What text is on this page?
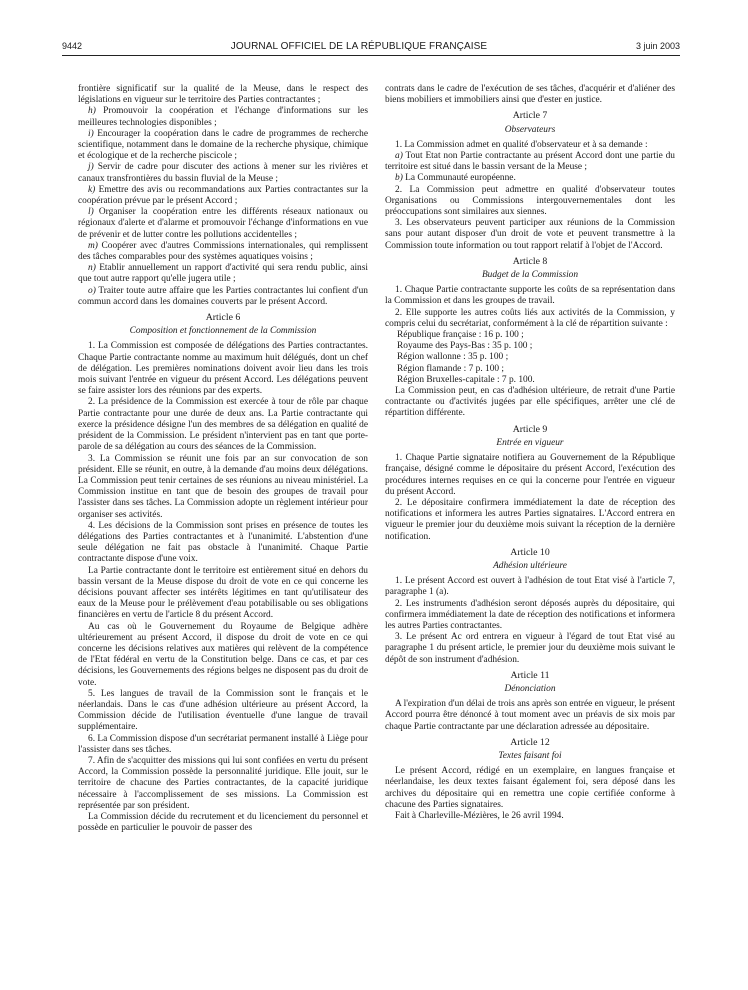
9442	JOURNAL OFFICIEL DE LA RÉPUBLIQUE FRANÇAISE	3 juin 2003

frontière significatif sur la qualité de la Meuse, dans le respect des législations en vigueur sur le territoire des Parties contractantes ;

h) Promouvoir la coopération et l'échange d'informations sur les meilleures technologies disponibles ;

i) Encourager la coopération dans le cadre de programmes de recherche scientifique, notamment dans le domaine de la recherche physique, chimique et écologique et de la recherche piscicole ;

j) Servir de cadre pour discuter des actions à mener sur les rivières et canaux transfrontières du bassin fluvial de la Meuse ;

k) Emettre des avis ou recommandations aux Parties contractantes sur la coopération prévue par le présent Accord ;

l) Organiser la coopération entre les différents réseaux nationaux ou régionaux d'alerte et d'alarme et promouvoir l'échange d'informations en vue de prévenir et de lutter contre les pollutions accidentelles ;

m) Coopérer avec d'autres Commissions internationales, qui remplissent des tâches comparables pour des systèmes aquatiques voisins ;

n) Etablir annuellement un rapport d'activité qui sera rendu public, ainsi que tout autre rapport qu'elle jugera utile ;

o) Traiter toute autre affaire que les Parties contractantes lui confient d'un commun accord dans les domaines couverts par le présent Accord.

Article 6

Composition et fonctionnement de la Commission

1. La Commission est composée de délégations des Parties contractantes. Chaque Partie contractante nomme au maximum huit délégués, dont un chef de délégation. Les premières nominations doivent avoir lieu dans les trois mois suivant l'entrée en vigueur du présent Accord. Les délégations peuvent se faire assister lors des réunions par des experts.

2. La présidence de la Commission est exercée à tour de rôle par chaque Partie contractante pour une durée de deux ans. La Partie contractante qui exerce la présidence désigne l'un des membres de sa délégation en qualité de président de la Commission. Le président n'intervient pas en tant que porte-parole de sa délégation au cours des séances de la Commission.

3. La Commission se réunit une fois par an sur convocation de son président. Elle se réunit, en outre, à la demande d'au moins deux délégations. La Commission peut tenir certaines de ses réunions au niveau ministériel. La Commission institue en tant que de besoin des groupes de travail pour l'assister dans ses tâches. La Commission adopte un règlement intérieur pour organiser ses activités.

4. Les décisions de la Commission sont prises en présence de toutes les délégations des Parties contractantes et à l'unanimité. L'abstention d'une seule délégation ne fait pas obstacle à l'unanimité. Chaque Partie contractante dispose d'une voix.

La Partie contractante dont le territoire est entièrement situé en dehors du bassin versant de la Meuse dispose du droit de vote en ce qui concerne les décisions pouvant affecter ses intérêts légitimes en tant qu'utilisateur des eaux de la Meuse pour le prélèvement d'eau potabilisable ou ses obligations financières en vertu de l'article 8 du présent Accord.

Au cas où le Gouvernement du Royaume de Belgique adhère ultérieurement au présent Accord, il dispose du droit de vote en ce qui concerne les décisions relatives aux matières qui relèvent de la compétence de l'Etat fédéral en vertu de la Constitution belge. Dans ce cas, et par ces décisions, les Gouvernements des régions belges ne disposent pas du droit de vote.

5. Les langues de travail de la Commission sont le français et le néerlandais. Dans le cas d'une adhésion ultérieure au présent Accord, la Commission décide de l'utilisation éventuelle d'une langue de travail supplémentaire.

6. La Commission dispose d'un secrétariat permanent installé à Liège pour l'assister dans ses tâches.

7. Afin de s'acquitter des missions qui lui sont confiées en vertu du présent Accord, la Commission possède la personnalité juridique. Elle jouit, sur le territoire de chacune des Parties contractantes, de la capacité juridique nécessaire à l'accomplissement de ses missions. La Commission est représentée par son président.

La Commission décide du recrutement et du licenciement du personnel et possède en particulier le pouvoir de passer des

contrats dans le cadre de l'exécution de ses tâches, d'acquérir et d'aliéner des biens mobiliers et immobiliers ainsi que d'ester en justice.

Article 7

Observateurs

1. La Commission admet en qualité d'observateur et à sa demande :

a) Tout Etat non Partie contractante au présent Accord dont une partie du territoire est situé dans le bassin versant de la Meuse ;

b) La Communauté européenne.

2. La Commission peut admettre en qualité d'observateur toutes Organisations ou Commissions intergouvernementales dont les préoccupations sont similaires aux siennes.

3. Les observateurs peuvent participer aux réunions de la Commission sans pour autant disposer d'un droit de vote et peuvent transmettre à la Commission toute information ou tout rapport relatif à l'objet de l'Accord.

Article 8

Budget de la Commission

1. Chaque Partie contractante supporte les coûts de sa représentation dans la Commission et dans les groupes de travail.

2. Elle supporte les autres coûts liés aux activités de la Commission, y compris celui du secrétariat, conformément à la clé de répartition suivante :

République française : 16 p. 100 ;

Royaume des Pays-Bas : 35 p. 100 ;

Région wallonne : 35 p. 100 ;

Région flamande : 7 p. 100 ;

Région Bruxelles-capitale : 7 p. 100.

La Commission peut, en cas d'adhésion ultérieure, de retrait d'une Partie contractante ou d'activités jugées par elle spécifiques, arrêter une clé de répartition différente.

Article 9

Entrée en vigueur

1. Chaque Partie signataire notifiera au Gouvernement de la République française, désigné comme le dépositaire du présent Accord, l'exécution des procédures internes requises en ce qui la concerne pour l'entrée en vigueur du présent Accord.

2. Le dépositaire confirmera immédiatement la date de réception des notifications et informera les autres Parties signataires. L'Accord entrera en vigueur le premier jour du deuxième mois suivant la réception de la dernière notification.

Article 10

Adhésion ultérieure

1. Le présent Accord est ouvert à l'adhésion de tout Etat visé à l'article 7, paragraphe 1 (a).

2. Les instruments d'adhésion seront déposés auprès du dépositaire, qui confirmera immédiatement la date de réception des notifications et informera les autres Parties contractantes.

3. Le présent Ac ord entrera en vigueur à l'égard de tout Etat visé au paragraphe 1 du présent article, le premier jour du deuxième mois suivant le dépôt de son instrument d'adhésion.

Article 11

Dénonciation

A l'expiration d'un délai de trois ans après son entrée en vigueur, le présent Accord pourra être dénoncé à tout moment avec un préavis de six mois par chaque Partie contractante par une déclaration adressée au dépositaire.

Article 12

Textes faisant foi

Le présent Accord, rédigé en un exemplaire, en langues française et néerlandaise, les deux textes faisant également foi, sera déposé dans les archives du dépositaire qui en remettra une copie certifiée conforme à chacune des Parties signataires.

Fait à Charleville-Mézières, le 26 avril 1994.
